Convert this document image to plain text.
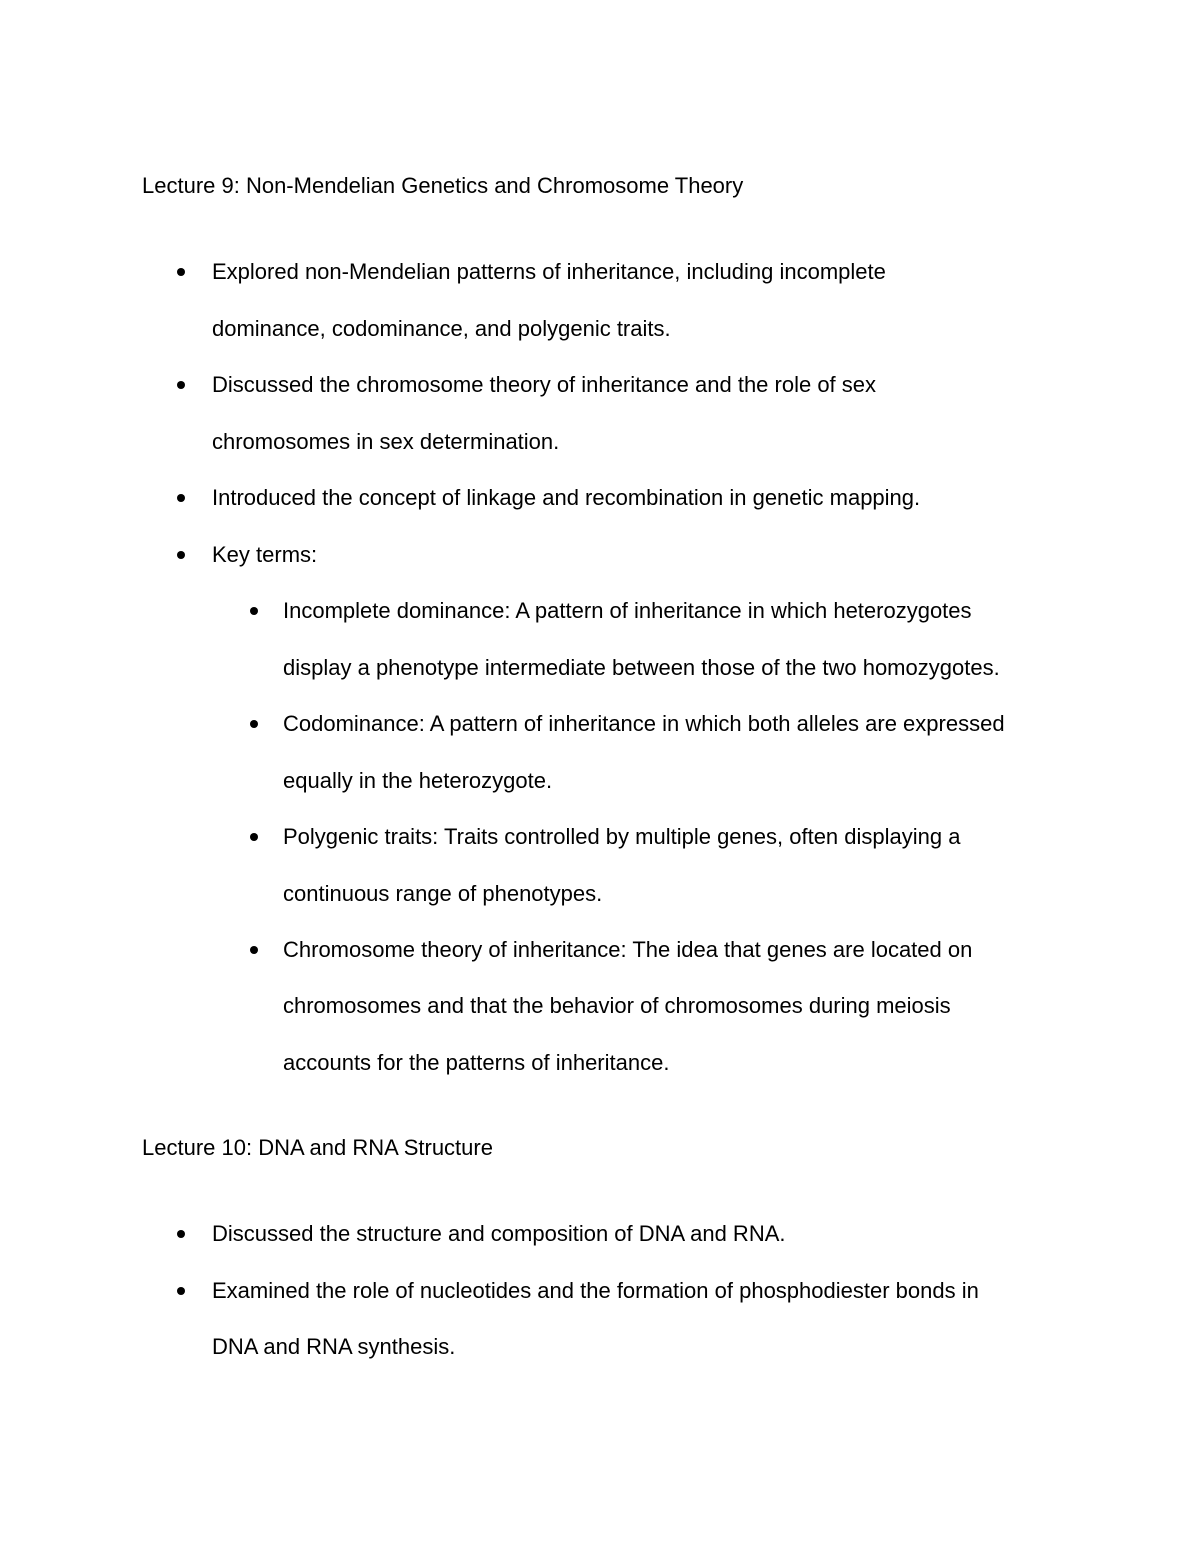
Lecture 9: Non-Mendelian Genetics and Chromosome Theory
Explored non-Mendelian patterns of inheritance, including incomplete
dominance, codominance, and polygenic traits.
Discussed the chromosome theory of inheritance and the role of sex
chromosomes in sex determination.
Introduced the concept of linkage and recombination in genetic mapping.
Key terms:
Incomplete dominance: A pattern of inheritance in which heterozygotes
display a phenotype intermediate between those of the two homozygotes.
Codominance: A pattern of inheritance in which both alleles are expressed
equally in the heterozygote.
Polygenic traits: Traits controlled by multiple genes, often displaying a
continuous range of phenotypes.
Chromosome theory of inheritance: The idea that genes are located on
chromosomes and that the behavior of chromosomes during meiosis
accounts for the patterns of inheritance.
Lecture 10: DNA and RNA Structure
Discussed the structure and composition of DNA and RNA.
Examined the role of nucleotides and the formation of phosphodiester bonds in
DNA and RNA synthesis.
